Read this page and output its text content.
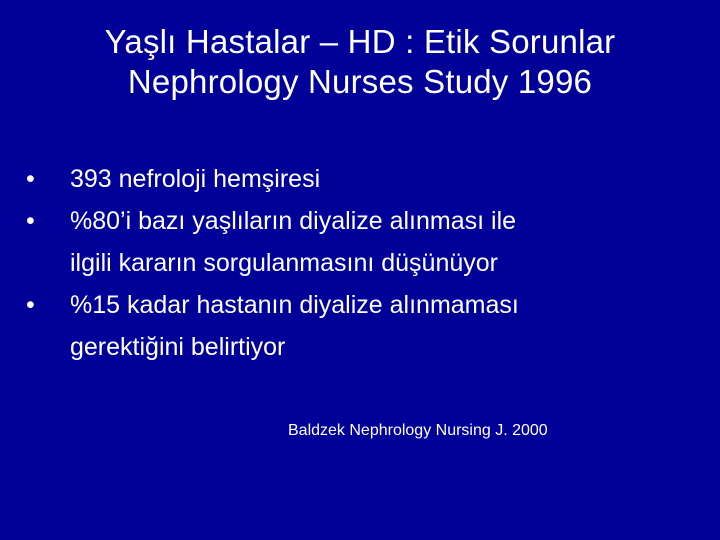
Yaşlı Hastalar – HD : Etik Sorunlar
Nephrology Nurses Study 1996
•	393 nefroloji hemşiresi
•	%80’i bazı yaşlıların diyalize alınması ile
ilgili kararın sorgulanmasını düşünüyor
•	%15 kadar hastanın diyalize alınmaması
gerektiğini belirtiyor
Baldzek Nephrology Nursing J. 2000
